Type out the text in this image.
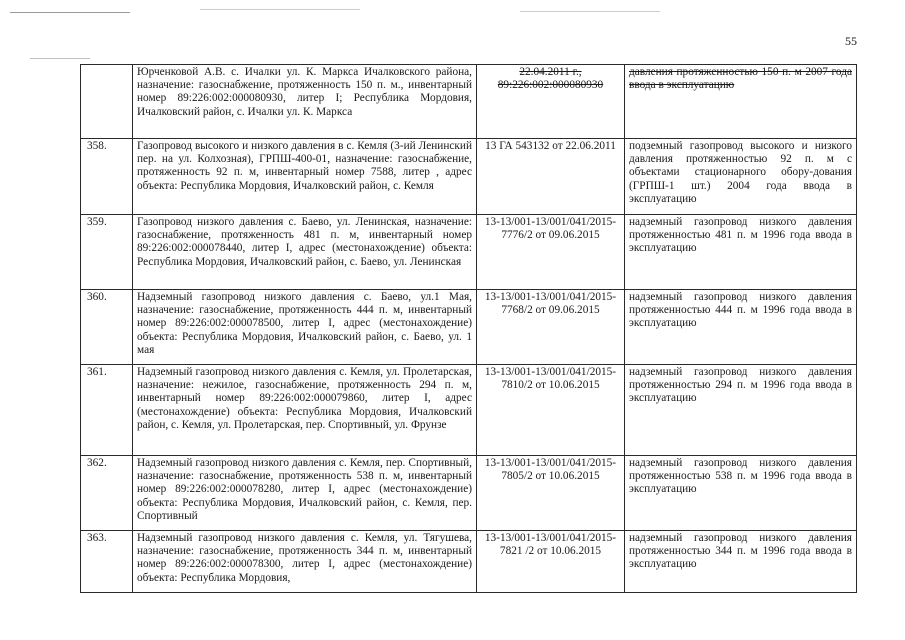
55
	Юрченковой А.В. с. Ичалки ул. К. Маркса Ичалковского района, назначение: газоснабжение, протяженность 150 п. м., инвентарный номер 89:226:002:000080930, литер I; Республика Мордовия, Ичалковский район, с. Ичалки ул. К. Маркса	22.04.2011 г., 89:226:002:000080930	давления протяженностью 150 п. м 2007 года ввода в эксплуатацию
358.	Газопровод высокого и низкого давления в с. Кемля (3-ий Ленинский пер. на ул. Колхозная), ГРПШ-400-01, назначение: газоснабжение, протяженность 92 п. м, инвентарный номер 7588, литер , адрес объекта: Республика Мордовия, Ичалковский район, с. Кемля	13 ГА 543132 от 22.06.2011	подземный газопровод высокого и низкого давления протяженностью 92 п. м с объектами стационарного обору-дования (ГРПШ-1 шт.) 2004 года ввода в эксплуатацию
359.	Газопровод низкого давления с. Баево, ул. Ленинская, назначение: газоснабжение, протяженность 481 п. м, инвентарный номер 89:226:002:000078440, литер I, адрес (местонахождение) объекта: Республика Мордовия, Ичалковский район, с. Баево, ул. Ленинская	13-13/001-13/001/041/2015-7776/2 от 09.06.2015	надземный газопровод низкого давления протяженностью 481 п. м 1996 года ввода в эксплуатацию
360.	Надземный газопровод низкого давления с. Баево, ул.1 Мая, назначение: газоснабжение, протяженность 444 п. м, инвентарный номер 89:226:002:000078500, литер I, адрес (местонахождение) объекта: Республика Мордовия, Ичалковский район, с. Баево, ул. 1 мая	13-13/001-13/001/041/2015-7768/2 от 09.06.2015	надземный газопровод низкого давления протяженностью 444 п. м 1996 года ввода в эксплуатацию
361.	Надземный газопровод низкого давления с. Кемля, ул. Пролетарская, назначение: нежилое, газоснабжение, протяженность 294 п. м, инвентарный номер 89:226:002:000079860, литер I, адрес (местонахождение) объекта: Республика Мордовия, Ичалковский район, с. Кемля, ул. Пролетарская, пер. Спортивный, ул. Фрунзе	13-13/001-13/001/041/2015-7810/2 от 10.06.2015	надземный газопровод низкого давления протяженностью 294 п. м 1996 года ввода в эксплуатацию
362.	Надземный газопровод низкого давления с. Кемля, пер. Спортивный, назначение: газоснабжение, протяженность 538 п. м, инвентарный номер 89:226:002:000078280, литер I, адрес (местонахождение) объекта: Республика Мордовия, Ичалковский район, с. Кемля, пер. Спортивный	13-13/001-13/001/041/2015-7805/2 от 10.06.2015	надземный газопровод низкого давления протяженностью 538 п. м 1996 года ввода в эксплуатацию
363.	Надземный газопровод низкого давления с. Кемля, ул. Тягушева, назначение: газоснабжение, протяженность 344 п. м, инвентарный номер 89:226:002:000078300, литер I, адрес (местонахождение) объекта: Республика Мордовия,	13-13/001-13/001/041/2015-7821 /2 от 10.06.2015	надземный газопровод низкого давления протяженностью 344 п. м 1996 года ввода в эксплуатацию
